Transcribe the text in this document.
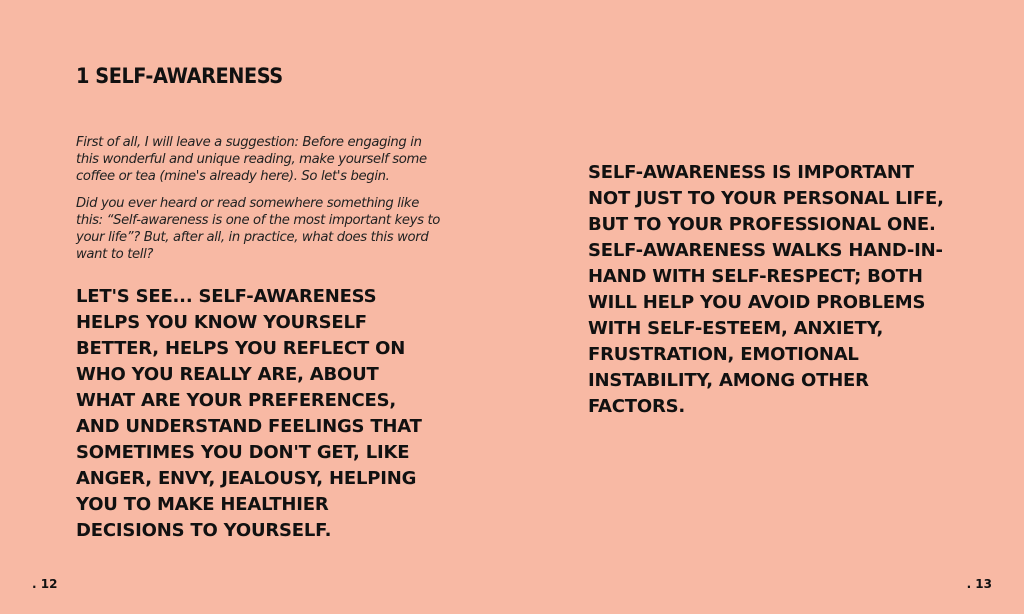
1 SELF-AWARENESS

First of all, I will leave a suggestion: Before engaging in this wonderful and unique reading, make yourself some coffee or tea (mine's already here). So let's begin.

Did you ever heard or read somewhere something like this: “Self-awareness is one of the most important keys to your life”? But, after all, in practice, what does this word want to tell?

LET'S SEE... SELF-AWARENESS HELPS YOU KNOW YOURSELF BETTER, HELPS YOU REFLECT ON WHO YOU REALLY ARE, ABOUT WHAT ARE YOUR PREFERENCES, AND UNDERSTAND FEELINGS THAT SOMETIMES YOU DON'T GET, LIKE ANGER, ENVY, JEALOUSY, HELPING YOU TO MAKE HEALTHIER DECISIONS TO YOURSELF.

. 12

SELF-AWARENESS IS IMPORTANT NOT JUST TO YOUR PERSONAL LIFE, BUT TO YOUR PROFESSIONAL ONE. SELF-AWARENESS WALKS HAND-IN-HAND WITH SELF-RESPECT; BOTH WILL HELP YOU AVOID PROBLEMS WITH SELF-ESTEEM, ANXIETY, FRUSTRATION, EMOTIONAL INSTABILITY, AMONG OTHER FACTORS.

. 13
